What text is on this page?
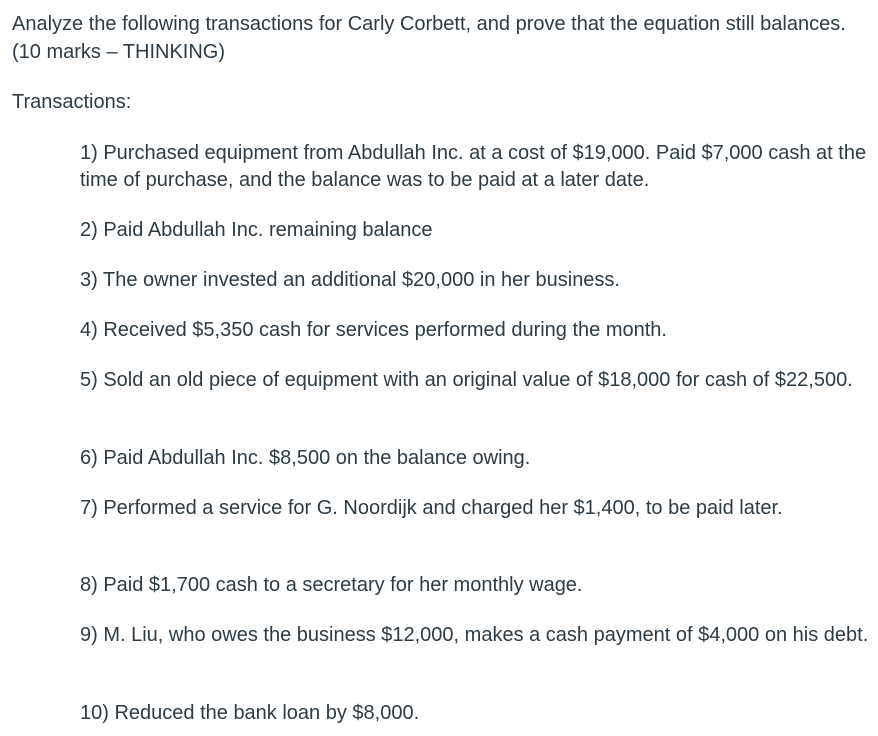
Analyze the following transactions for Carly Corbett, and prove that the equation still balances. (10 marks – THINKING)

Transactions:

1) Purchased equipment from Abdullah Inc. at a cost of $19,000. Paid $7,000 cash at the time of purchase, and the balance was to be paid at a later date.
2) Paid Abdullah Inc. remaining balance
3) The owner invested an additional $20,000 in her business.
4) Received $5,350 cash for services performed during the month.
5) Sold an old piece of equipment with an original value of $18,000 for cash of $22,500.
6) Paid Abdullah Inc. $8,500 on the balance owing.
7) Performed a service for G. Noordijk and charged her $1,400, to be paid later.
8) Paid $1,700 cash to a secretary for her monthly wage.
9) M. Liu, who owes the business $12,000, makes a cash payment of $4,000 on his debt.
10) Reduced the bank loan by $8,000.
